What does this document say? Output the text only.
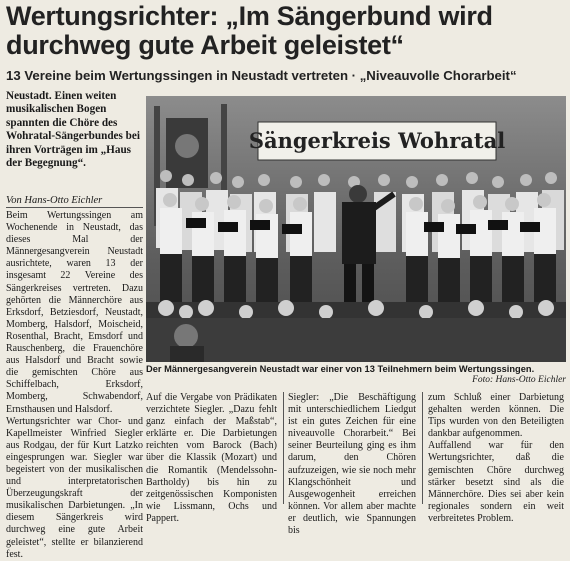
Wertungsrichter: „Im Sängerbund wird durchweg gute Arbeit geleistet“
13 Vereine beim Wertungssingen in Neustadt vertreten · „Niveauvolle Chorarbeit“
Neustadt. Einen weiten musikalischen Bogen spannten die Chöre des Wohratal-Sängerbundes bei ihren Vorträgen im „Haus der Begegnung“.
Von Hans-Otto Eichler
Beim Wertungssingen am Wochenende in Neustadt, das dieses Mal der Männergesangverein Neustadt ausrichtete, waren 13 der insgesamt 22 Vereine des Sängerkreises vertreten. Dazu gehörten die Männerchöre aus Erksdorf, Betziesdorf, Neustadt, Momberg, Halsdorf, Moischeid, Rosenthal, Bracht, Emsdorf und Rauschenberg, die Frauenchöre aus Halsdorf und Bracht sowie die gemischten Chöre aus Schiffelbach, Erksdorf, Momberg, Schwabendorf, Ernsthausen und Halsdorf.
Wertungsrichter war Chor- und Kapellmeister Winfried Siegler aus Rodgau, der für Kurt Latzko eingesprungen war. Siegler war begeistert von der musikalischen und interpretatorischen Überzeugungskraft der musikalischen Darbietungen. „In diesem Sängerkreis wird durchweg eine gute Arbeit geleistet“, stellte er bilanzierend fest.
Sängerkreis Wohratal
Der Männergesangverein Neustadt war einer von 13 Teilnehmern beim Wertungssingen.
Foto: Hans-Otto Eichler
Auf die Vergabe von Prädikaten verzichtete Siegler. „Dazu fehlt ganz einfach der Maßstab“, erklärte er. Die Darbietungen reichten vom Barock (Bach) über die Klassik (Mozart) und die Romantik (Mendelssohn-Bartholdy) bis hin zu zeitgenössischen Komponisten wie Lissmann, Ochs und Pappert.
Siegler: „Die Beschäftigung mit unterschiedlichem Liedgut ist ein gutes Zeichen für eine niveauvolle Chorarbeit.“ Bei seiner Beurteilung ging es ihm darum, den Chören aufzuzeigen, wie sie noch mehr Klangschönheit und Ausgewogenheit erreichen können. Vor allem aber machte er deutlich, wie Spannungen bis
zum Schluß einer Darbietung gehalten werden können. Die Tips wurden von den Beteiligten dankbar aufgenommen.
Auffallend war für den Wertungsrichter, daß die gemischten Chöre durchweg stärker besetzt sind als die Männerchöre. Dies sei aber kein regionales sondern ein weit verbreitetes Problem.
